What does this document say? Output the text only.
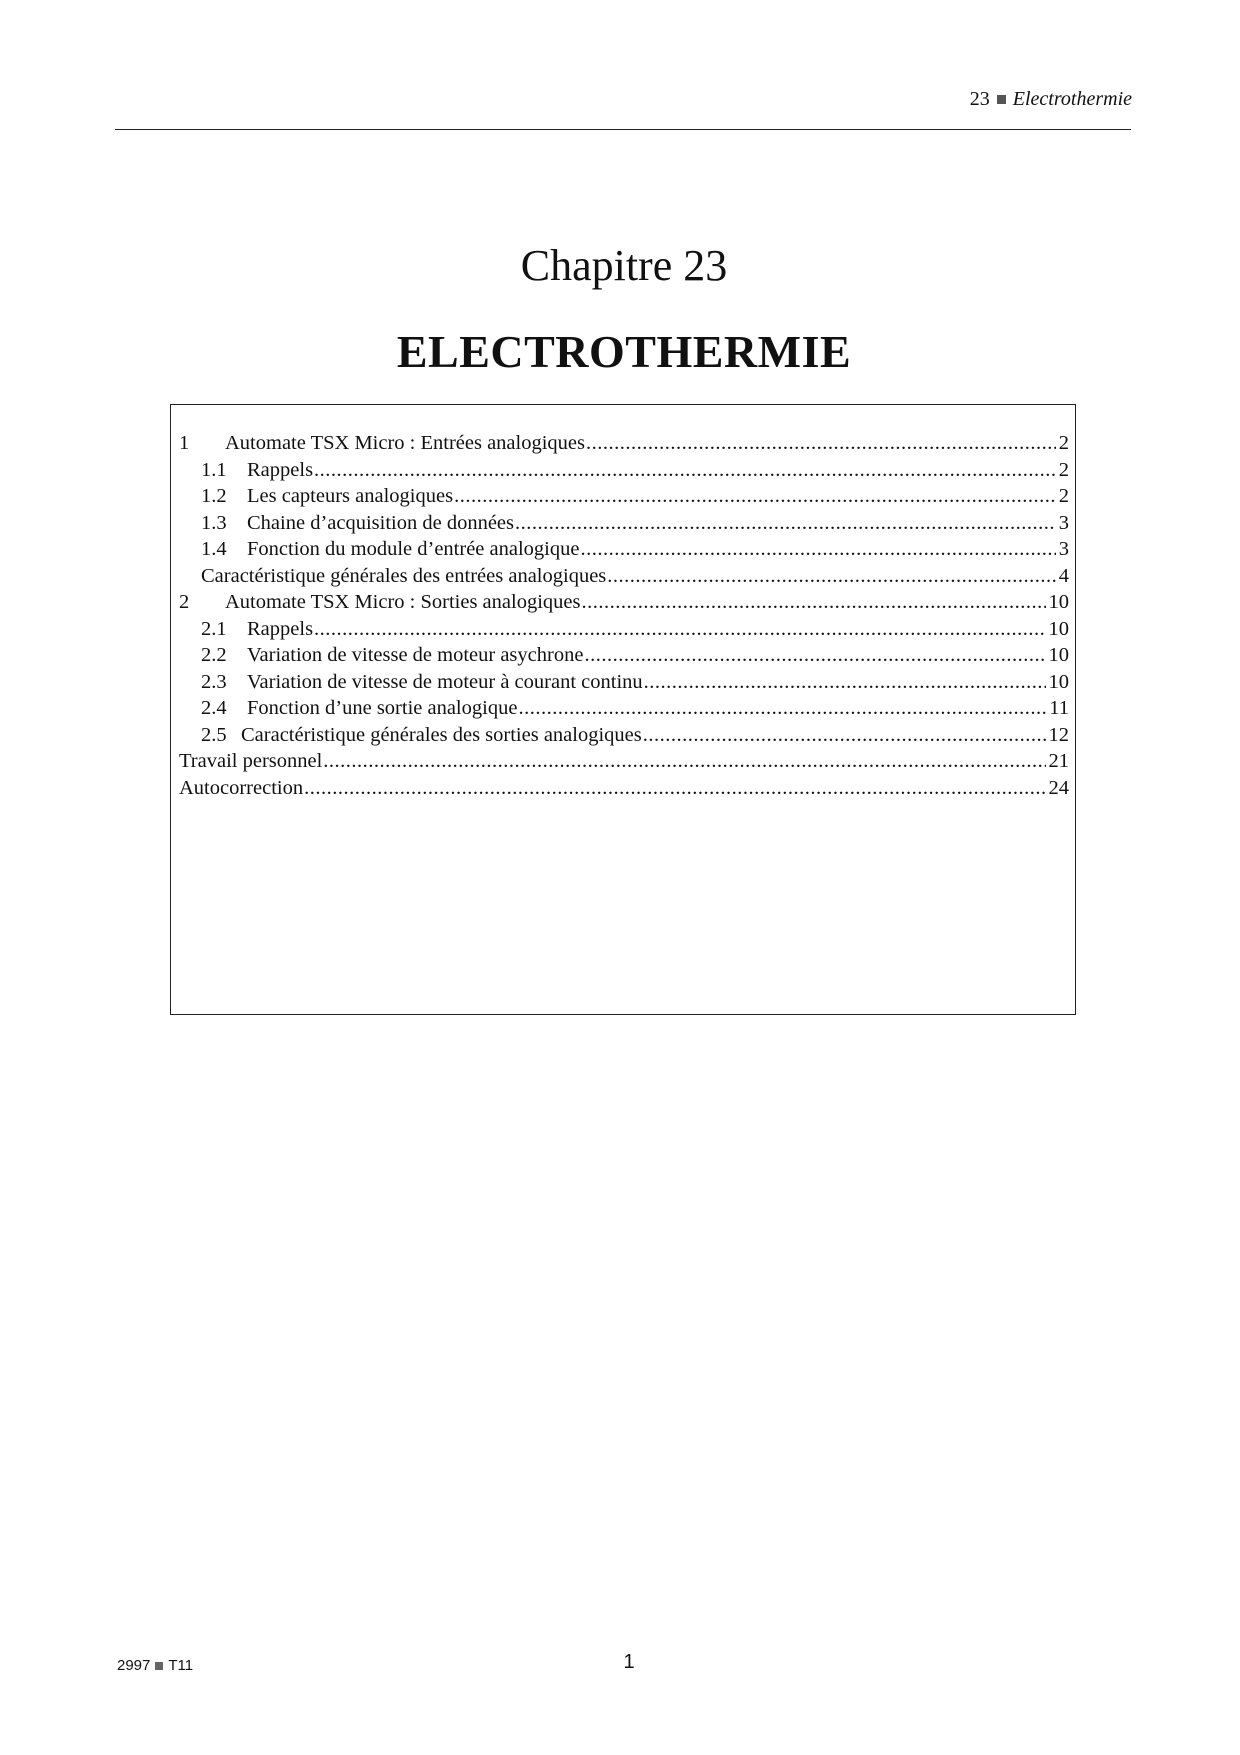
23 Electrothermie
Chapitre 23
ELECTROTHERMIE
1	Automate TSX Micro : Entrées analogiques .....	2
1.1 Rappels .....	2
1.2 Les capteurs analogiques .....	2
1.3 Chaine d’acquisition de données .....	3
1.4 Fonction du module d’entrée analogique .....	3
Caractéristique générales des entrées analogiques .....	4
2	Automate TSX Micro : Sorties analogiques .....	10
2.1 Rappels .....	10
2.2 Variation de vitesse de moteur asychrone .....	10
2.3 Variation de vitesse de moteur à courant continu .....	10
2.4 Fonction d’une sortie analogique .....	11
2.5 Caractéristique générales des sorties analogiques .....	12
Travail personnel .....	21
Autocorrection .....	24
2997 T11	1
